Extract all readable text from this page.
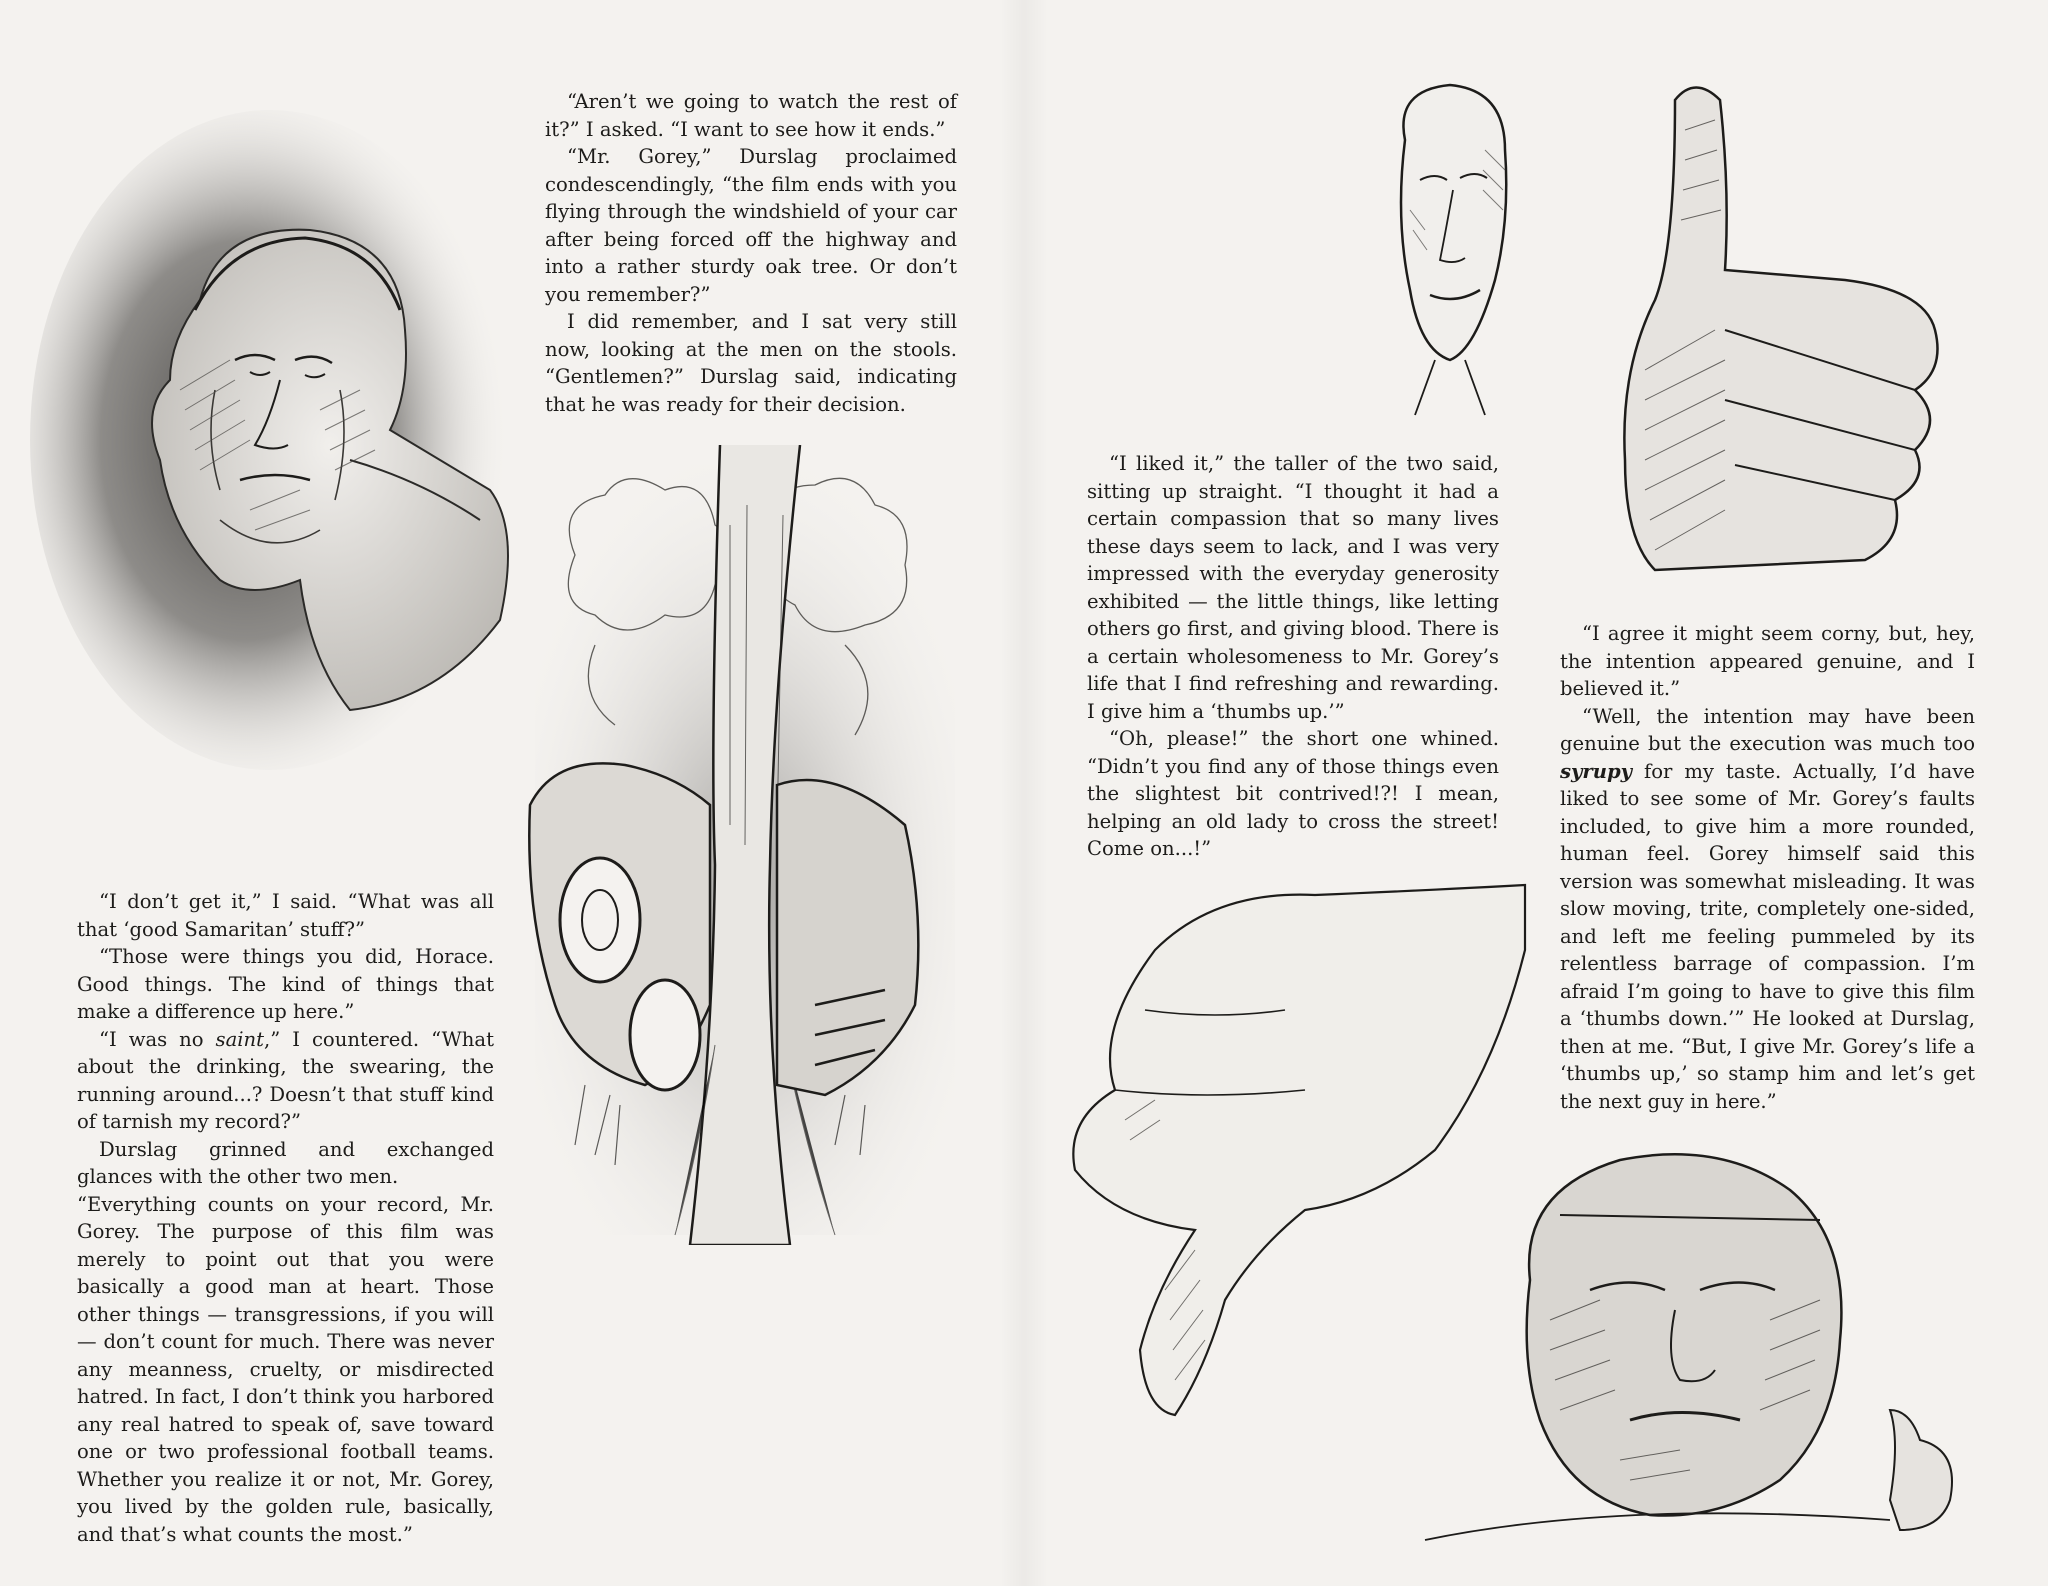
“Aren’t we going to watch the rest of it?” I asked. “I want to see how it ends.”

“Mr. Gorey,” Durslag proclaimed condescendingly, “the film ends with you flying through the windshield of your car after being forced off the highway and into a rather sturdy oak tree. Or don’t you remember?”

I did remember, and I sat very still now, looking at the men on the stools. “Gentlemen?” Durslag said, indicating that he was ready for their decision.

“I don’t get it,” I said. “What was all that ‘good Samaritan’ stuff?”

“Those were things you did, Horace. Good things. The kind of things that make a difference up here.”

“I was no saint,” I countered. “What about the drinking, the swearing, the running around...? Doesn’t that stuff kind of tarnish my record?”

Durslag grinned and exchanged glances with the other two men.

“Everything counts on your record, Mr. Gorey. The purpose of this film was merely to point out that you were basically a good man at heart. Those other things — transgressions, if you will — don’t count for much. There was never any meanness, cruelty, or misdirected hatred. In fact, I don’t think you harbored any real hatred to speak of, save toward one or two professional football teams. Whether you realize it or not, Mr. Gorey, you lived by the golden rule, basically, and that’s what counts the most.”

“I liked it,” the taller of the two said, sitting up straight. “I thought it had a certain compassion that so many lives these days seem to lack, and I was very impressed with the everyday generosity exhibited — the little things, like letting others go first, and giving blood. There is a certain wholesomeness to Mr. Gorey’s life that I find refreshing and rewarding. I give him a ‘thumbs up.’”

“Oh, please!” the short one whined. “Didn’t you find any of those things even the slightest bit contrived!?! I mean, helping an old lady to cross the street! Come on...!”

“I agree it might seem corny, but, hey, the intention appeared genuine, and I believed it.”

“Well, the intention may have been genuine but the execution was much too syrupy for my taste. Actually, I’d have liked to see some of Mr. Gorey’s faults included, to give him a more rounded, human feel. Gorey himself said this version was somewhat misleading. It was slow moving, trite, completely one-sided, and left me feeling pummeled by its relentless barrage of compassion. I’m afraid I’m going to have to give this film a ‘thumbs down.’” He looked at Durslag, then at me. “But, I give Mr. Gorey’s life a ‘thumbs up,’ so stamp him and let’s get the next guy in here.”
